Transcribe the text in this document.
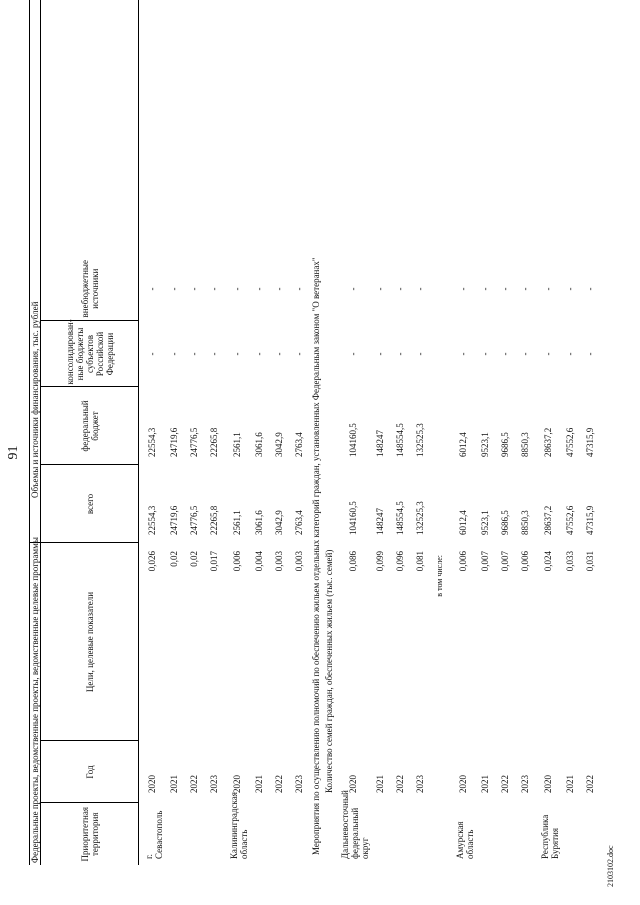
91
Федеральные проекты, ведомственные проекты, ведомственные целевые программы			Объемы и источники финансирования, тыс. рублей				
Приоритетная территория	Год	Цели, целевые показатели	всего	федеральный бюджет	консолидирован-ные бюджеты субъектов Российской Федерации	внебюджетные источники	
г. Севастополь	2020	0,026	22554,3	22554,3	-	-	
	2021	0,02	24719,6	24719,6	-	-	
	2022	0,02	24776,5	24776,5	-	-	
	2023	0,017	22265,8	22265,8	-	-	
Калининградская область	2020	0,006	2561,1	2561,1	-	-	
	2021	0,004	3061,6	3061,6	-	-	
	2022	0,003	3042,9	3042,9	-	-	
	2023	0,003	2763,4	2763,4	-	-	
Мероприятия по осуществлению полномочий по обеспечению жильем отдельных категорий граждан, установленных Федеральным законом "О ветеранах"							
	Количество семей граждан, обеспеченных жильем (тыс. семей)						
Дальневосточный федеральный округ	2020	0,086	104160,5	104160,5	-	-	
	2021	0,099	148247	148247	-	-	
	2022	0,096	148554,5	148554,5	-	-	
	2023	0,081	132525,3	132525,3	-	-	
		в том числе:					
Амурская область	2020	0,006	6012,4	6012,4	-	-	
	2021	0,007	9523,1	9523,1	-	-	
	2022	0,007	9686,5	9686,5	-	-	
	2023	0,006	8850,3	8850,3	-	-	
Республика Бурятия	2020	0,024	28637,2	28637,2	-	-	
	2021	0,033	47552,6	47552,6	-	-	
	2022	0,031	47315,9	47315,9	-	-	
2103102.doc
